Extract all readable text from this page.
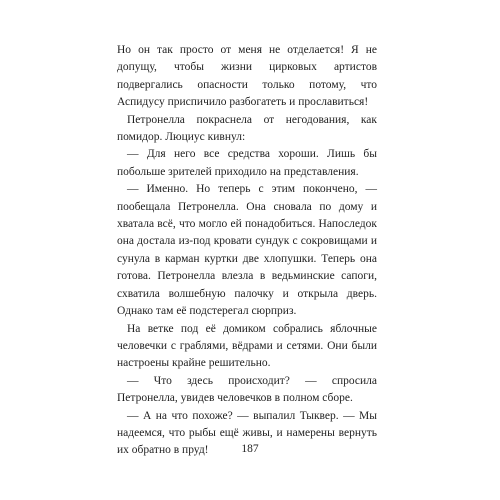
Но он так просто от меня не отделается! Я не допущу, чтобы жизни цирковых артистов подвергались опасности только потому, что Аспидусу приспичило разбогатеть и прославиться!

Петронелла покраснела от негодования, как помидор. Люциус кивнул:

— Для него все средства хороши. Лишь бы побольше зрителей приходило на представления.

— Именно. Но теперь с этим покончено, — пообещала Петронелла. Она сновала по дому и хватала всё, что могло ей понадобиться. Напоследок она достала из-под кровати сундук с сокровищами и сунула в карман куртки две хлопушки. Теперь она готова. Петронелла влезла в ведьминские сапоги, схватила волшебную палочку и открыла дверь. Однако там её подстерегал сюрприз.

На ветке под её домиком собрались яблочные человечки с граблями, вёдрами и сетями. Они были настроены крайне решительно.

— Что здесь происходит? — спросила Петронелла, увидев человечков в полном сборе.

— А на что похоже? — выпалил Тыквер. — Мы надеемся, что рыбы ещё живы, и намерены вернуть их обратно в пруд!	187
